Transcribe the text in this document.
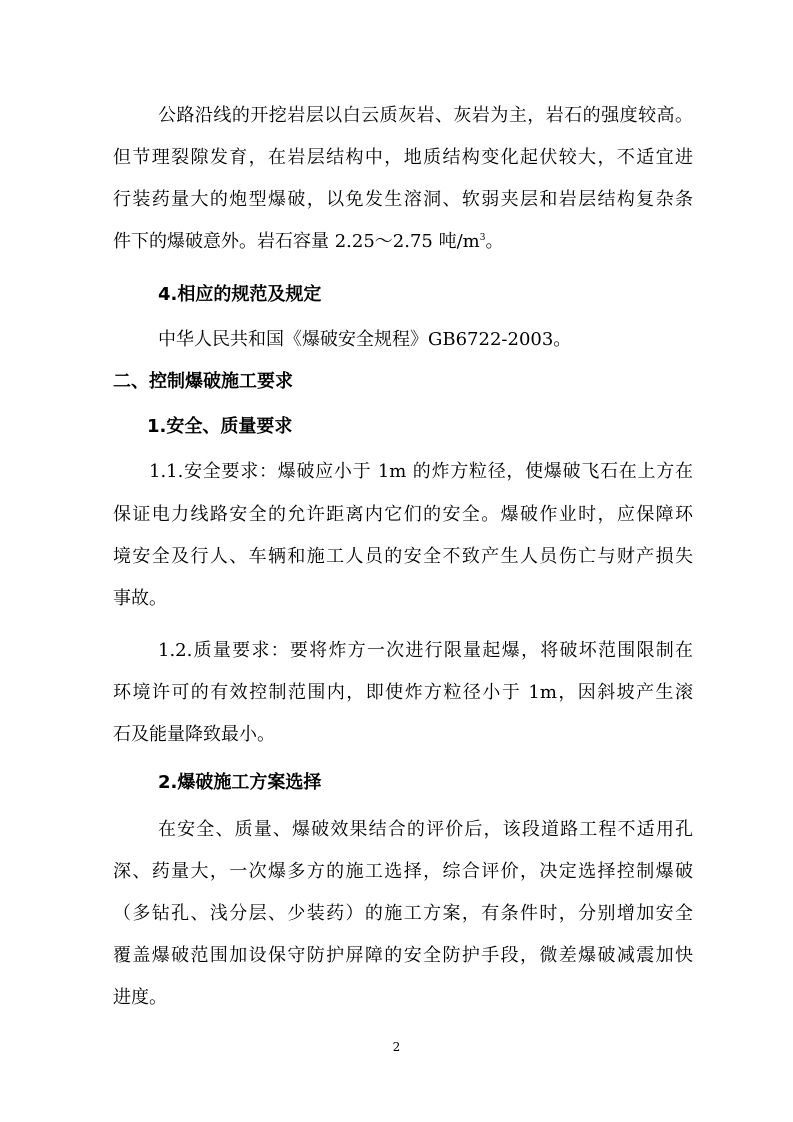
公路沿线的开挖岩层以白云质灰岩、灰岩为主，岩石的强度较高。
但节理裂隙发育，在岩层结构中，地质结构变化起伏较大，不适宜进
行装药量大的炮型爆破，以免发生溶洞、软弱夹层和岩层结构复杂条
件下的爆破意外。岩石容量 2.25～2.75 吨$/m^3$。
4.相应的规范及规定
中华人民共和国《爆破安全规程》GB6722-2003。
二、控制爆破施工要求
1.安全、质量要求
1.1.安全要求：爆破应小于 1m 的炸方粒径，使爆破飞石在上方在
保证电力线路安全的允许距离内它们的安全。爆破作业时，应保障环
境安全及行人、车辆和施工人员的安全不致产生人员伤亡与财产损失
事故。
1.2.质量要求：要将炸方一次进行限量起爆，将破坏范围限制在
环境许可的有效控制范围内，即使炸方粒径小于 1m，因斜坡产生滚
石及能量降致最小。
2.爆破施工方案选择
在安全、质量、爆破效果结合的评价后，该段道路工程不适用孔
深、药量大，一次爆多方的施工选择，综合评价，决定选择控制爆破
（多钻孔、浅分层、少装药）的施工方案，有条件时，分别增加安全
覆盖爆破范围加设保守防护屏障的安全防护手段，微差爆破减震加快
进度。
2
